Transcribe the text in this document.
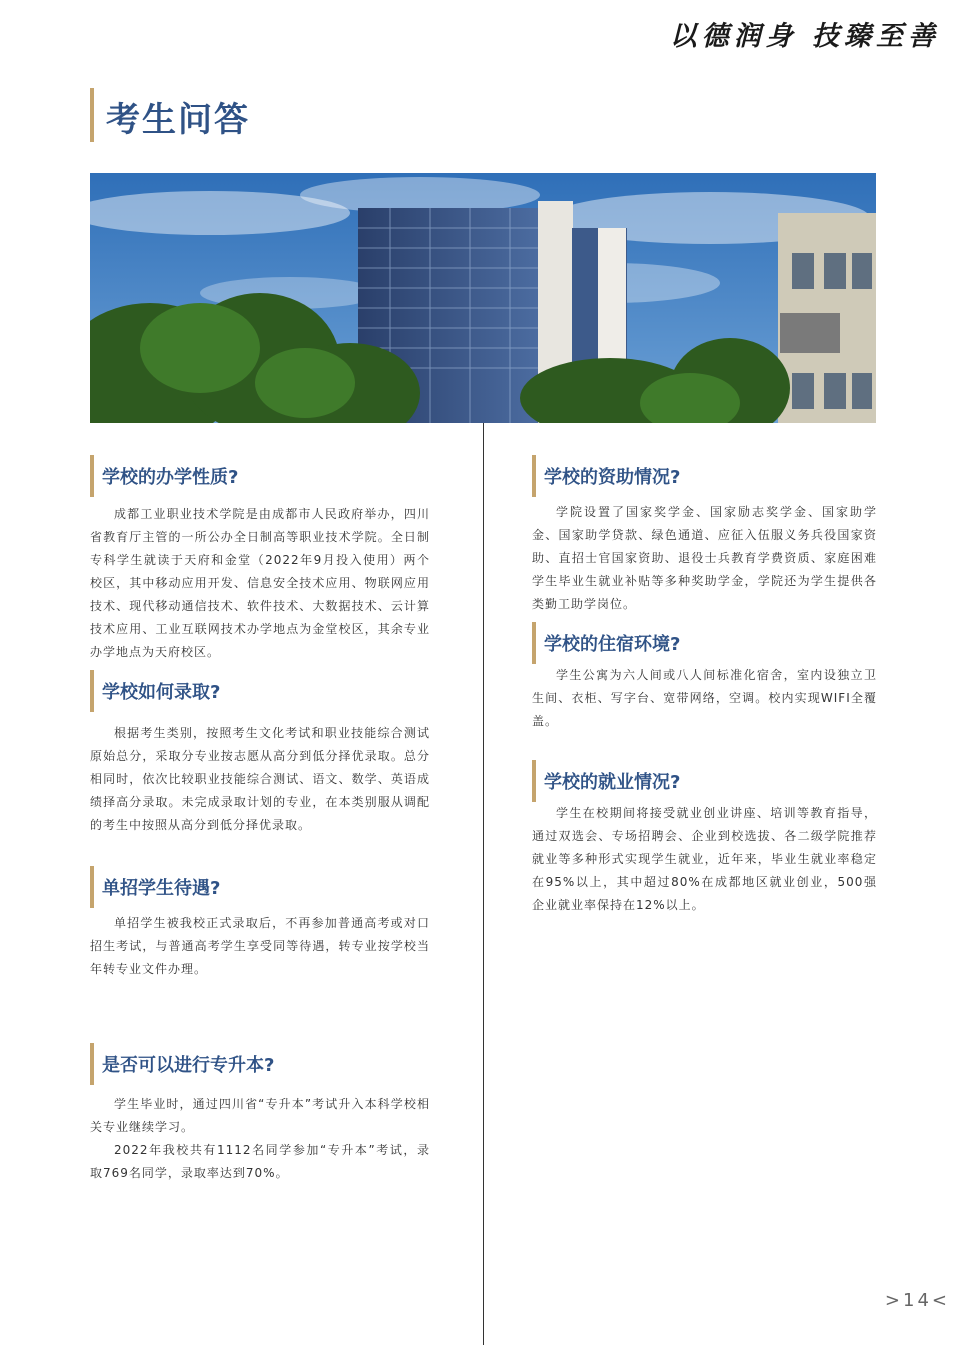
以德润身 技臻至善
考生问答
学校的办学性质?

成都工业职业技术学院是由成都市人民政府举办，四川省教育厅主管的一所公办全日制高等职业技术学院。全日制专科学生就读于天府和金堂（2022年9月投入使用）两个校区，其中移动应用开发、信息安全技术应用、物联网应用技术、现代移动通信技术、软件技术、大数据技术、云计算技术应用、工业互联网技术办学地点为金堂校区，其余专业办学地点为天府校区。

学校如何录取?

根据考生类别，按照考生文化考试和职业技能综合测试原始总分，采取分专业按志愿从高分到低分择优录取。总分相同时，依次比较职业技能综合测试、语文、数学、英语成绩择高分录取。未完成录取计划的专业，在本类别服从调配的考生中按照从高分到低分择优录取。

单招学生待遇?

单招学生被我校正式录取后，不再参加普通高考或对口招生考试，与普通高考学生享受同等待遇，转专业按学校当年转专业文件办理。

是否可以进行专升本?

学生毕业时，通过四川省“专升本”考试升入本科学校相关专业继续学习。

2022年我校共有1112名同学参加“专升本”考试，录取769名同学，录取率达到70%。

学校的资助情况?

学院设置了国家奖学金、国家励志奖学金、国家助学金、国家助学贷款、绿色通道、应征入伍服义务兵役国家资助、直招士官国家资助、退役士兵教育学费资质、家庭困难学生毕业生就业补贴等多种奖助学金，学院还为学生提供各类勤工助学岗位。

学校的住宿环境?

学生公寓为六人间或八人间标准化宿舍，室内设独立卫生间、衣柜、写字台、宽带网络，空调。校内实现WIFI全覆盖。

学校的就业情况?

学生在校期间将接受就业创业讲座、培训等教育指导，通过双选会、专场招聘会、企业到校选拔、各二级学院推荐就业等多种形式实现学生就业，近年来，毕业生就业率稳定在95%以上，其中超过80%在成都地区就业创业，500强企业就业率保持在12%以上。

>14<
